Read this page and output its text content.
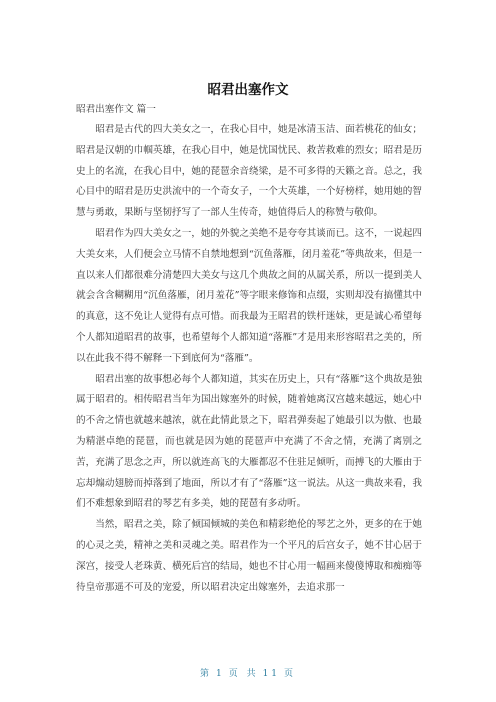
昭君出塞作文
昭君出塞作文 篇一

昭君是古代的四大美女之一，在我心目中，她是冰清玉洁、面若桃花的仙女；昭君是汉朝的巾帼英雄，在我心目中，她是忧国忧民、救苦救难的烈女；昭君是历史上的名流，在我心目中，她的琵琶余音绕梁，是不可多得的天籁之音。总之，我心目中的昭君是历史洪流中的一个奇女子，一个大英雄，一个好榜样，她用她的智慧与勇敢，果断与坚韧抒写了一部人生传奇，她值得后人的称赞与敬仰。

昭君作为四大美女之一，她的外貌之美绝不是夸夸其谈而已。这不，一说起四大美女来，人们便会立马情不自禁地想到“沉鱼落雁，闭月羞花”等典故来，但是一直以来人们都很难分清楚四大美女与这几个典故之间的从属关系，所以一提到美人就会含含糊糊用“沉鱼落雁，闭月羞花”等字眼来修饰和点缀，实则却没有搞懂其中的真意，这不免让人觉得有点可惜。而我最为王昭君的铁杆迷妹，更是诚心希望每个人都知道昭君的故事，也希望每个人都知道“落雁”才是用来形容昭君之美的，所以在此我不得不解释一下到底何为“落雁”。

昭君出塞的故事想必每个人都知道，其实在历史上，只有“落雁”这个典故是独属于昭君的。相传昭君当年为国出嫁塞外的时候，随着她离汉宫越来越远，她心中的不舍之情也就越来越浓，就在此情此景之下，昭君弹奏起了她最引以为傲、也最为精湛卓绝的琵琶，而也就是因为她的琵琶声中充满了不舍之情，充满了离别之苦，充满了思念之声，所以就连高飞的大雁都忍不住驻足倾听，而搏飞的大雁由于忘却煽动翅膀而掉落到了地面，所以才有了“落雁”这一说法。从这一典故来看，我们不难想象到昭君的琴艺有多美，她的琵琶有多动听。

当然，昭君之美，除了倾国倾城的美色和精彩绝伦的琴艺之外，更多的在于她的心灵之美，精神之美和灵魂之美。昭君作为一个平凡的后宫女子，她不甘心居于深宫，接受人老珠黄、横死后宫的结局，她也不甘心用一幅画来傻傻博取和痴痴等待皇帝那遥不可及的宠爱，所以昭君决定出嫁塞外，去追求那一

第 1 页 共 11 页
